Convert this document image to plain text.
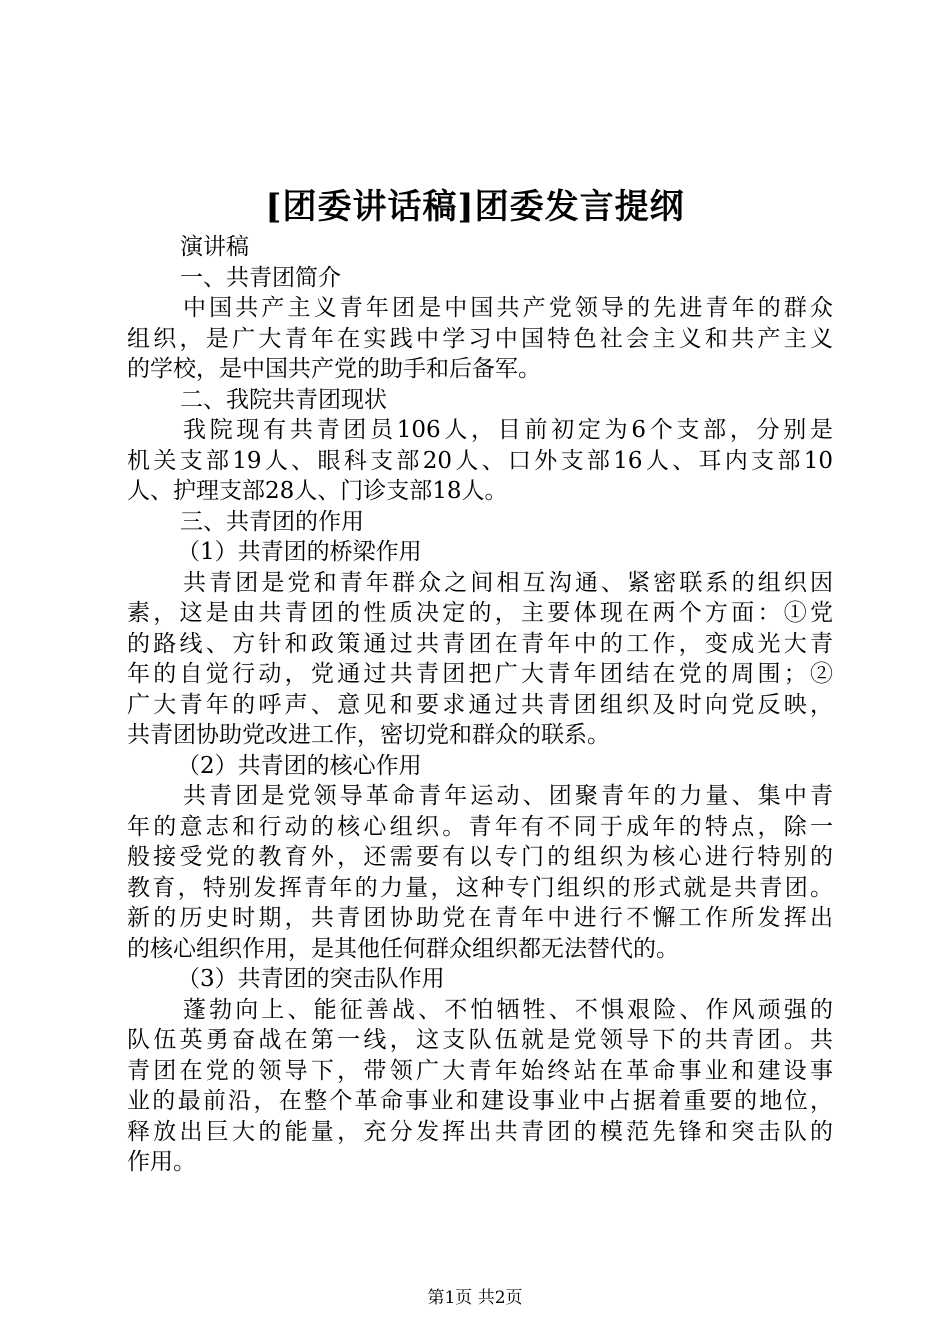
[团委讲话稿]团委发言提纲
演讲稿
一、共青团简介
中国共产主义青年团是中国共产党领导的先进青年的群众
组织，是广大青年在实践中学习中国特色社会主义和共产主义
的学校，是中国共产党的助手和后备军。
二、我院共青团现状
我院现有共青团员106人，目前初定为6个支部，分别是
机关支部19人、眼科支部20人、口外支部16人、耳内支部10
人、护理支部28人、门诊支部18人。
三、共青团的作用
（1）共青团的桥梁作用
共青团是党和青年群众之间相互沟通、紧密联系的组织因
素，这是由共青团的性质决定的，主要体现在两个方面：①党
的路线、方针和政策通过共青团在青年中的工作，变成光大青
年的自觉行动，党通过共青团把广大青年团结在党的周围；②
广大青年的呼声、意见和要求通过共青团组织及时向党反映，
共青团协助党改进工作，密切党和群众的联系。
（2）共青团的核心作用
共青团是党领导革命青年运动、团聚青年的力量、集中青
年的意志和行动的核心组织。青年有不同于成年的特点，除一
般接受党的教育外，还需要有以专门的组织为核心进行特别的
教育，特别发挥青年的力量，这种专门组织的形式就是共青团。
新的历史时期，共青团协助党在青年中进行不懈工作所发挥出
的核心组织作用，是其他任何群众组织都无法替代的。
（3）共青团的突击队作用
蓬勃向上、能征善战、不怕牺牲、不惧艰险、作风顽强的
队伍英勇奋战在第一线，这支队伍就是党领导下的共青团。共
青团在党的领导下，带领广大青年始终站在革命事业和建设事
业的最前沿，在整个革命事业和建设事业中占据着重要的地位，
释放出巨大的能量，充分发挥出共青团的模范先锋和突击队的
作用。
第1页 共2页
